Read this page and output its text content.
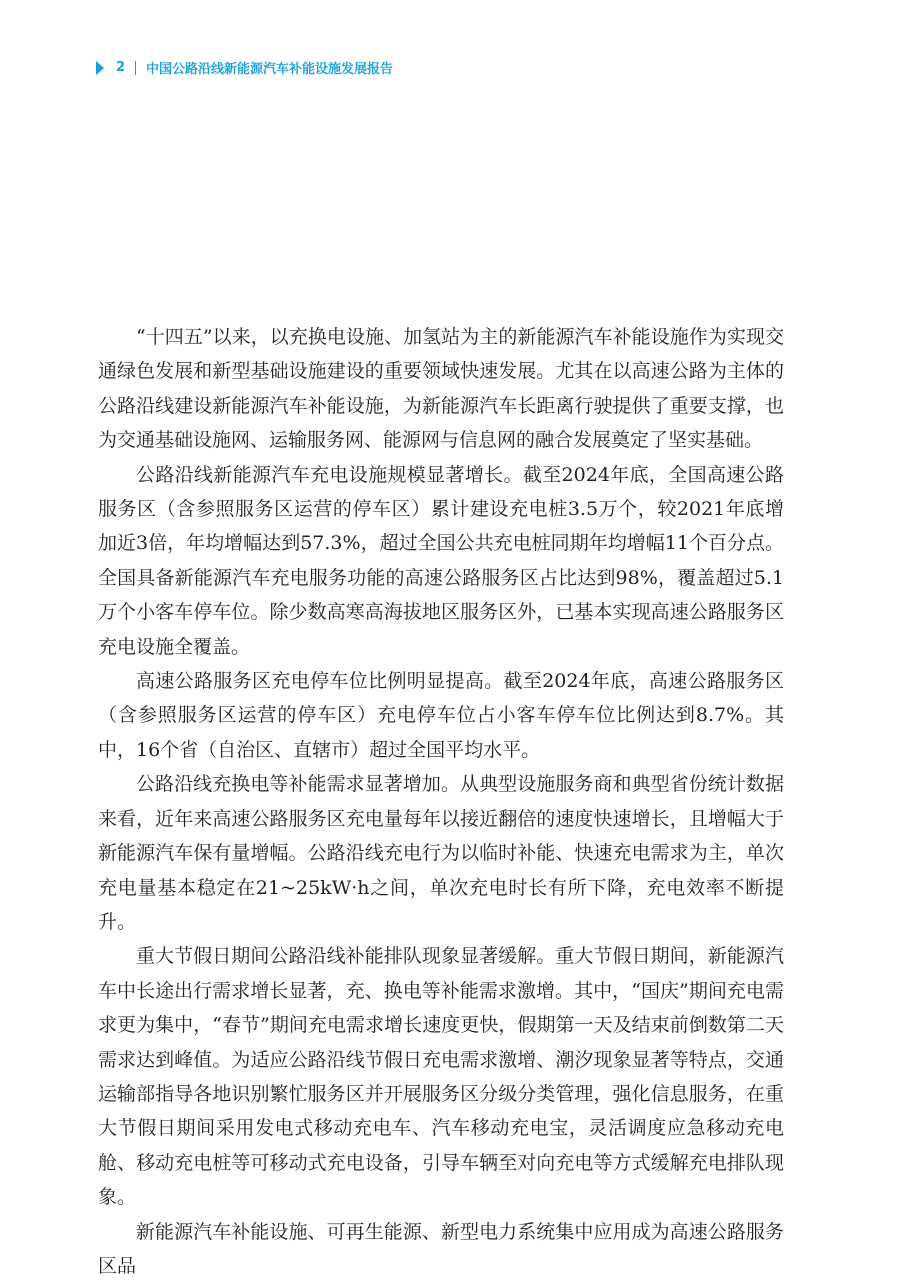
2 中国公路沿线新能源汽车补能设施发展报告

“十四五”以来，以充换电设施、加氢站为主的新能源汽车补能设施作为实现交通绿色发展和新型基础设施建设的重要领域快速发展。尤其在以高速公路为主体的公路沿线建设新能源汽车补能设施，为新能源汽车长距离行驶提供了重要支撑，也为交通基础设施网、运输服务网、能源网与信息网的融合发展奠定了坚实基础。

公路沿线新能源汽车充电设施规模显著增长。截至2024年底，全国高速公路服务区（含参照服务区运营的停车区）累计建设充电桩3.5万个，较2021年底增加近3倍，年均增幅达到57.3%，超过全国公共充电桩同期年均增幅11个百分点。全国具备新能源汽车充电服务功能的高速公路服务区占比达到98%，覆盖超过5.1万个小客车停车位。除少数高寒高海拔地区服务区外，已基本实现高速公路服务区充电设施全覆盖。

高速公路服务区充电停车位比例明显提高。截至2024年底，高速公路服务区（含参照服务区运营的停车区）充电停车位占小客车停车位比例达到8.7%。其中，16个省（自治区、直辖市）超过全国平均水平。

公路沿线充换电等补能需求显著增加。从典型设施服务商和典型省份统计数据来看，近年来高速公路服务区充电量每年以接近翻倍的速度快速增长，且增幅大于新能源汽车保有量增幅。公路沿线充电行为以临时补能、快速充电需求为主，单次充电量基本稳定在21~25kW·h之间，单次充电时长有所下降，充电效率不断提升。

重大节假日期间公路沿线补能排队现象显著缓解。重大节假日期间，新能源汽车中长途出行需求增长显著，充、换电等补能需求激增。其中，“国庆”期间充电需求更为集中，“春节”期间充电需求增长速度更快，假期第一天及结束前倒数第二天需求达到峰值。为适应公路沿线节假日充电需求激增、潮汐现象显著等特点，交通运输部指导各地识别繁忙服务区并开展服务区分级分类管理，强化信息服务，在重大节假日期间采用发电式移动充电车、汽车移动充电宝，灵活调度应急移动充电舱、移动充电桩等可移动式充电设备，引导车辆至对向充电等方式缓解充电排队现象。

新能源汽车补能设施、可再生能源、新型电力系统集中应用成为高速公路服务区品
